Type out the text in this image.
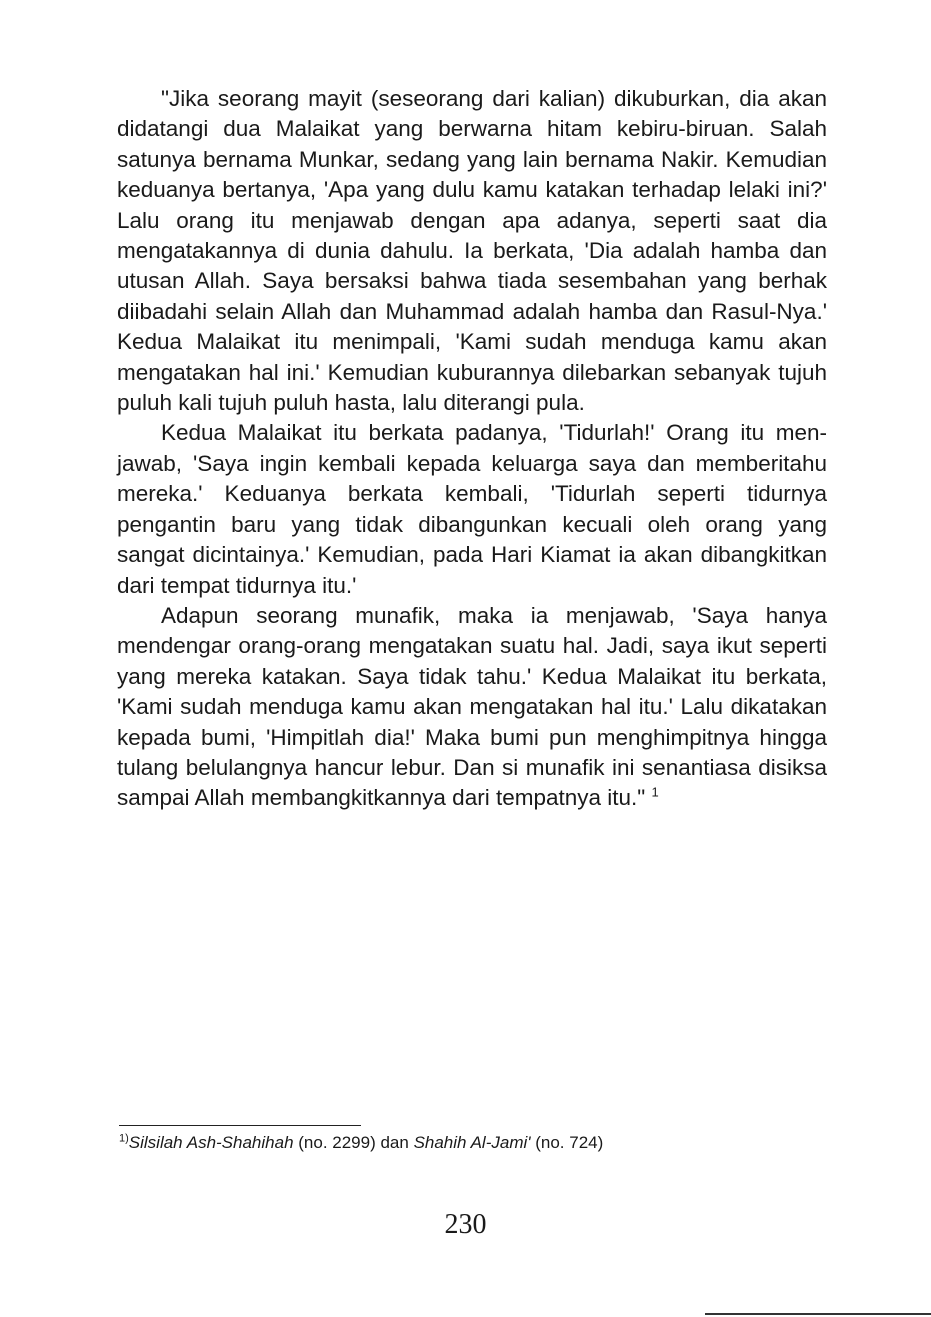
"Jika seorang mayit (seseorang dari kalian) dikuburkan, dia akan didatangi dua Malaikat yang berwarna hitam kebiru-biruan. Salah satunya bernama Munkar, sedang yang lain bernama Nakir. Kemudian keduanya bertanya, 'Apa yang dulu kamu katakan terhadap lelaki ini?' Lalu orang itu menjawab dengan apa adanya, seperti saat dia mengatakannya di dunia dahulu. Ia berkata, 'Dia adalah hamba dan utusan Allah. Saya bersaksi bahwa tiada sesembahan yang berhak diibadahi selain Allah dan Muhammad adalah hamba dan Rasul-Nya.' Kedua Malaikat itu menimpali, 'Kami sudah menduga kamu akan mengatakan hal ini.' Kemudian kuburannya dilebarkan sebanyak tujuh puluh kali tujuh puluh hasta, lalu diterangi pula.

Kedua Malaikat itu berkata padanya, 'Tidurlah!' Orang itu menjawab, 'Saya ingin kembali kepada keluarga saya dan memberitahu mereka.' Keduanya berkata kembali, 'Tidurlah seperti tidurnya pengantin baru yang tidak dibangunkan kecuali oleh orang yang sangat dicintainya.' Kemudian, pada Hari Kiamat ia akan dibangkitkan dari tempat tidurnya itu.'

Adapun seorang munafik, maka ia menjawab, 'Saya hanya mendengar orang-orang mengatakan suatu hal. Jadi, saya ikut seperti yang mereka katakan. Saya tidak tahu.' Kedua Malaikat itu berkata, 'Kami sudah menduga kamu akan mengatakan hal itu.' Lalu dikatakan kepada bumi, 'Himpitlah dia!' Maka bumi pun menghimpitnya hingga tulang belulangnya hancur lebur. Dan si munafik ini senantiasa disiksa sampai Allah membangkitkannya dari tempatnya itu." $^1$

$^{1)}$Silsilah Ash-Shahihah (no. 2299) dan Shahih Al-Jami' (no. 724)
230
